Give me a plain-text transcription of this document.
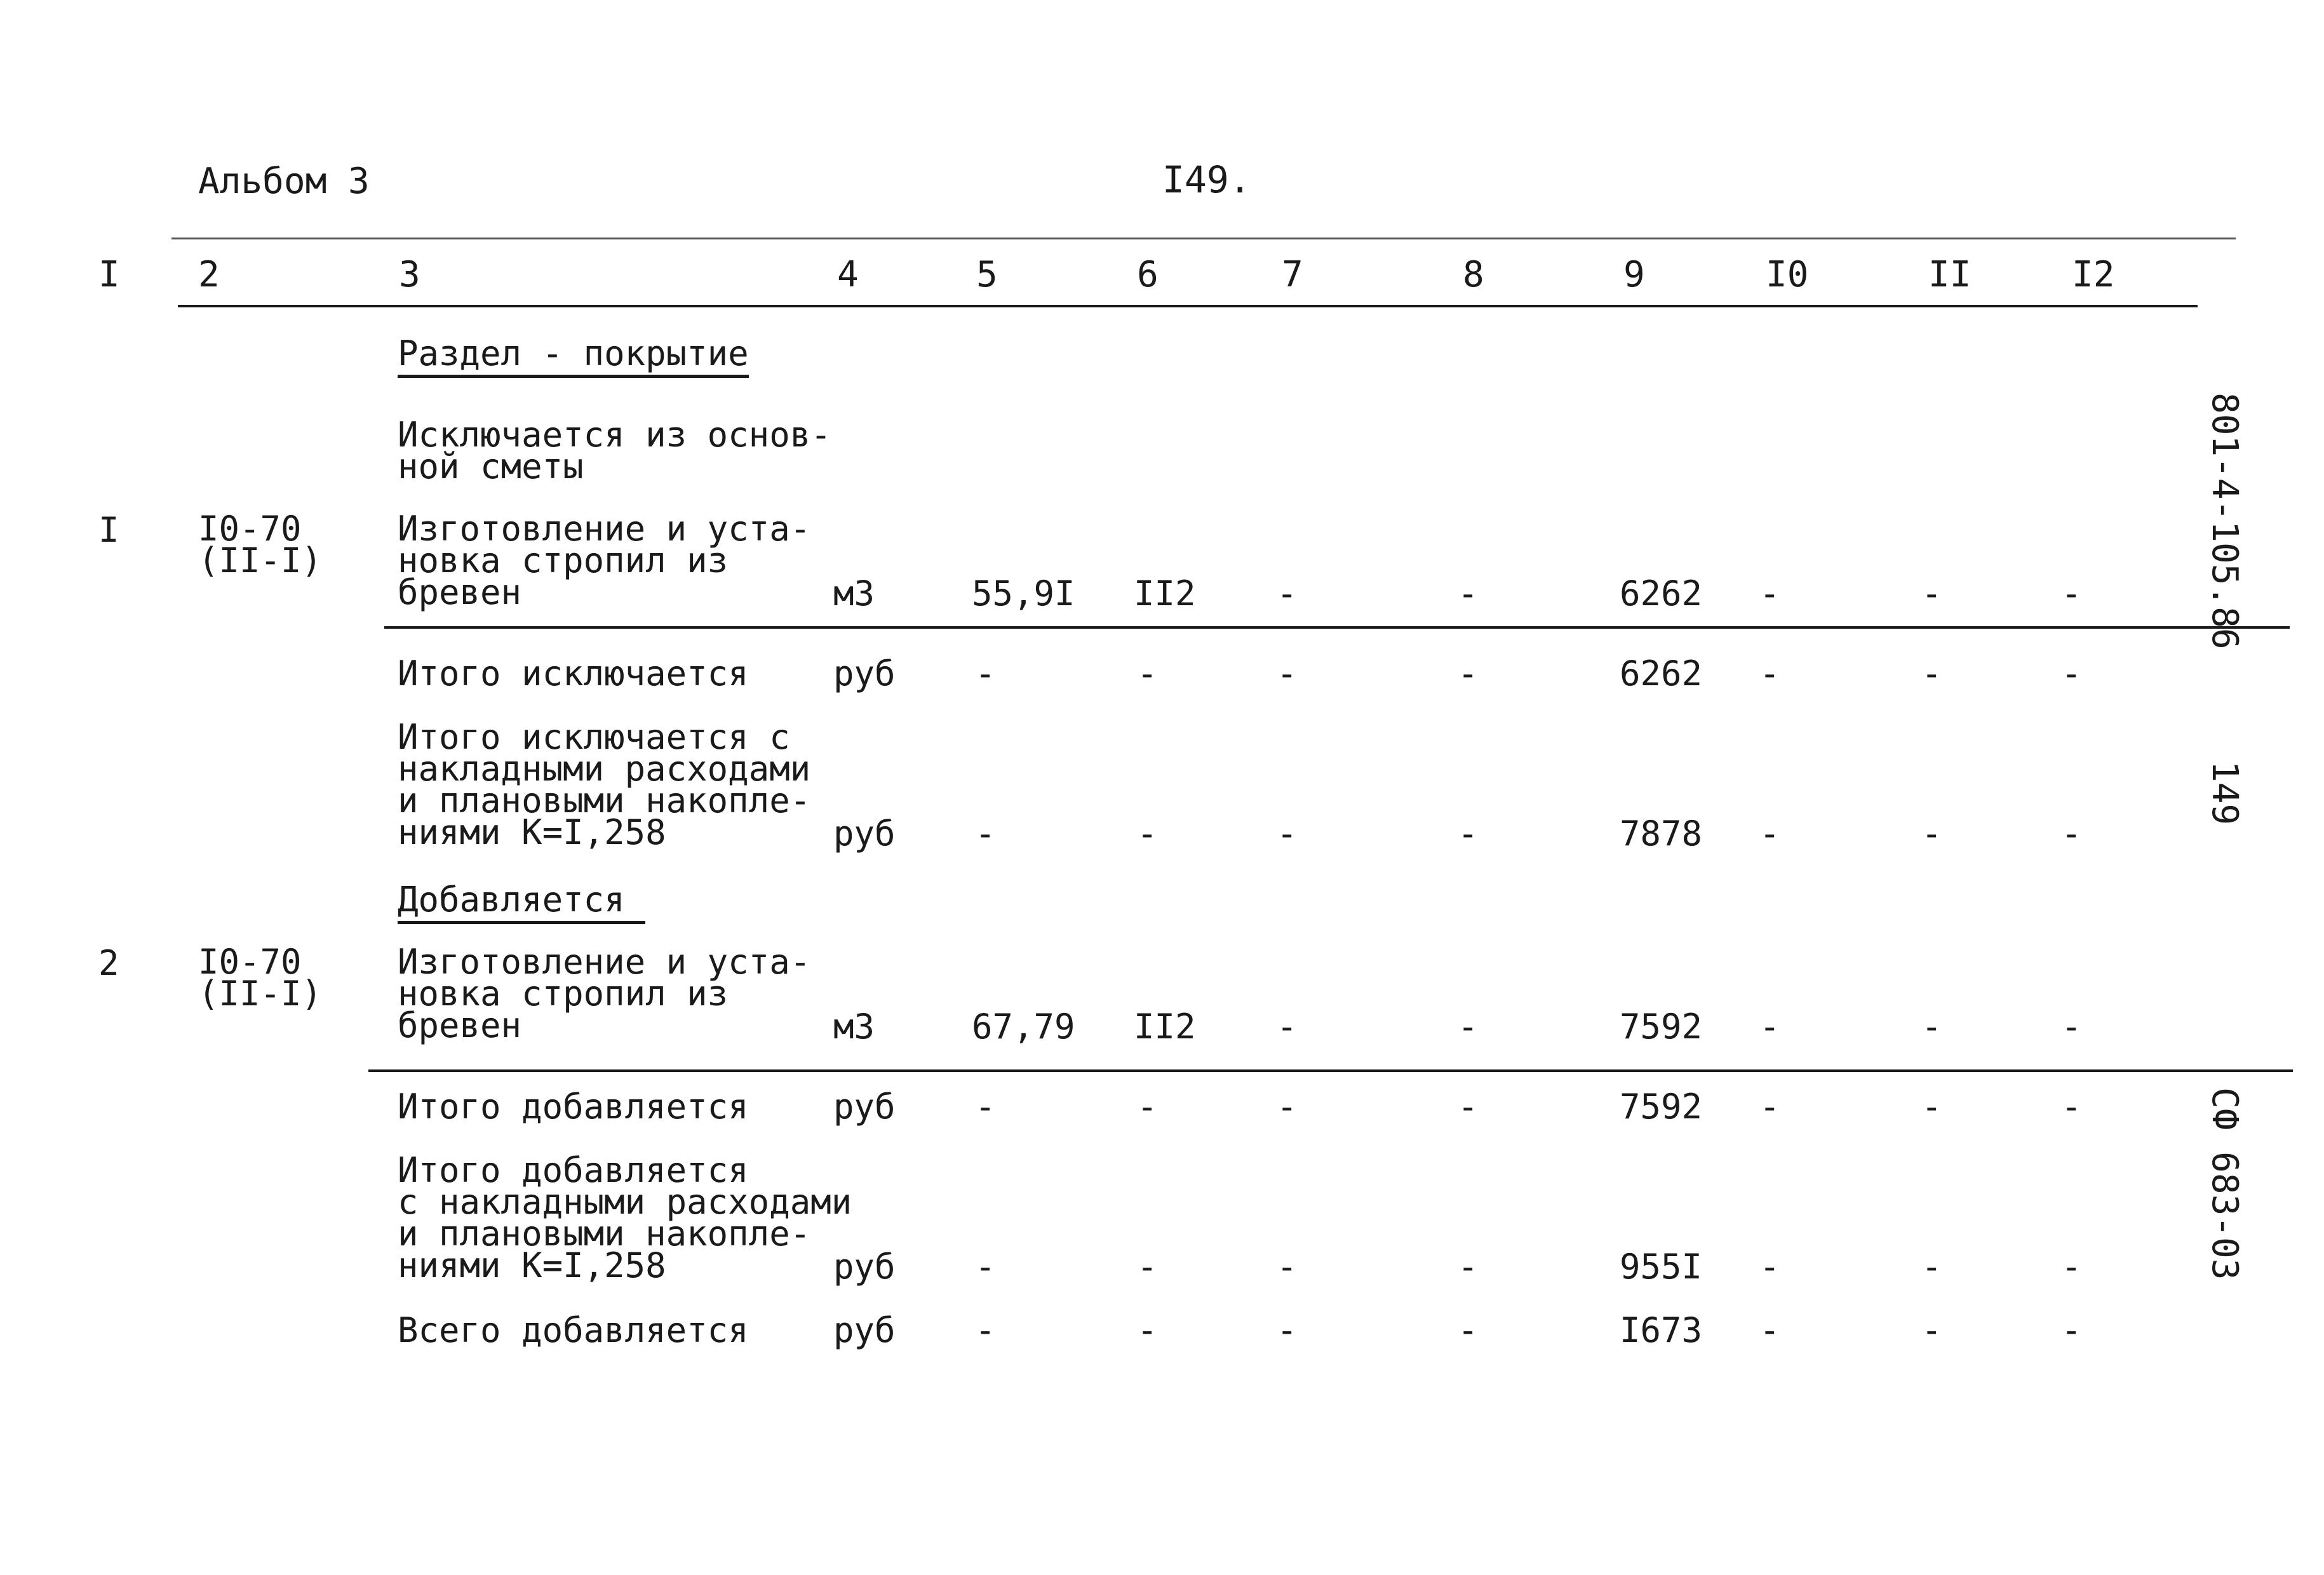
Альбом 3	I49.
I 2	3	4	5	6	7	8	9	I0	II	I2
Раздел - покрытие
Исключается из основ-
ной сметы
I I0-70
(II-I)
Изготовление и уста-
новка стропил из
бревен	м3	55,9I II2 -	-	6262 -	-	-
Итого исключается руб -	-	-	-	6262 -	-	-
Итого исключается с
накладными расходами
и плановыми накопле-
ниями К=I,258	руб -	-	-	-	7878 -	-	-
Добавляется
2 I0-70
(II-I)
Изготовление и уста-
новка стропил из
бревен	м3	67,79 II2 -	-	7592 -	-	-
Итого добавляется руб -	-	-	-	7592 -	-	-
Итого добавляется
с накладными расходами
и плановыми накопле-
ниями К=I,258	руб -	-	-	-	955I -	-	-
Всего добавляется руб -	-	-	-	I673 -	-	-
801-4-105.86
149
СФ 683-03
